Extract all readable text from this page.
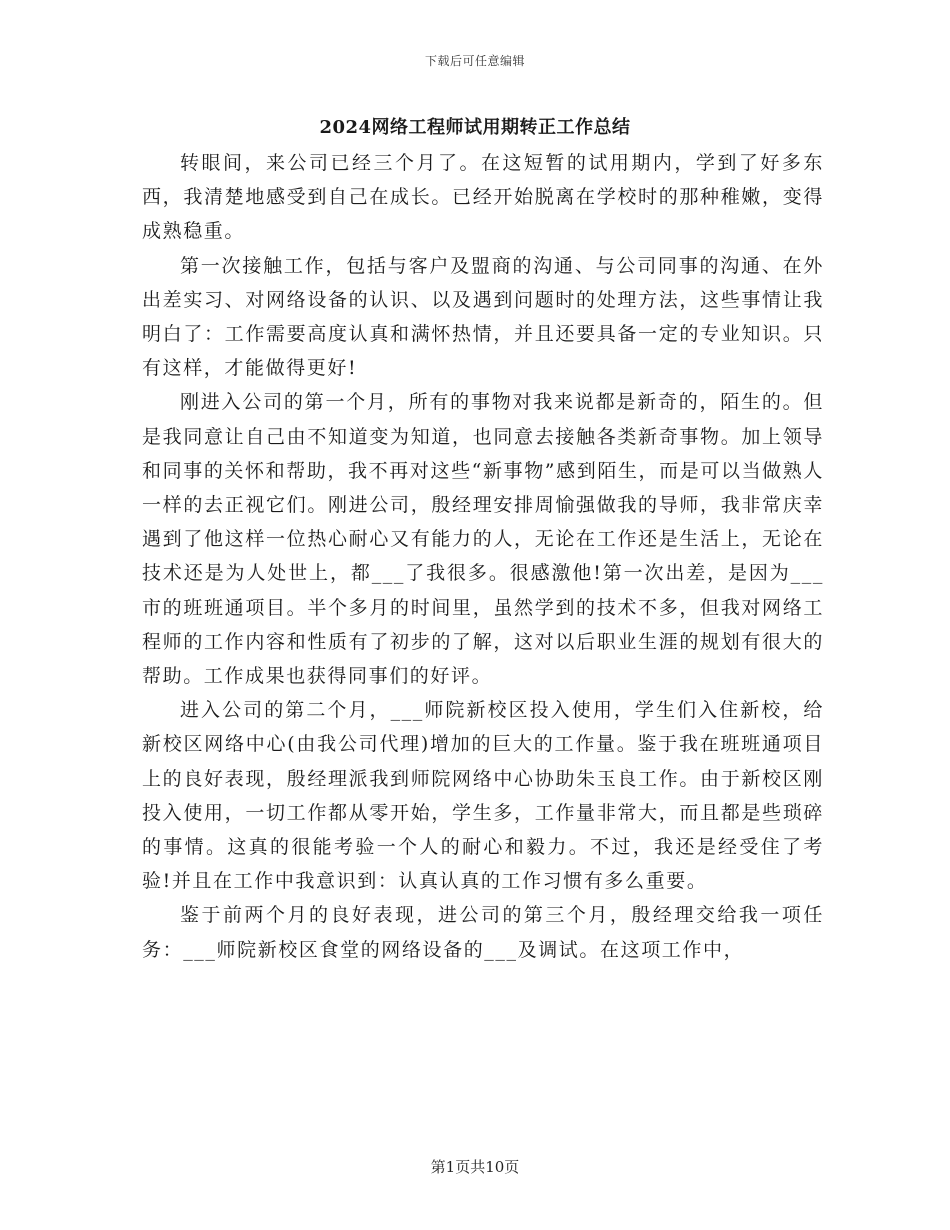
下载后可任意编辑
2024网络工程师试用期转正工作总结

转眼间，来公司已经三个月了。在这短暂的试用期内，学到了好多东西，我清楚地感受到自己在成长。已经开始脱离在学校时的那种稚嫩，变得成熟稳重。

第一次接触工作，包括与客户及盟商的沟通、与公司同事的沟通、在外出差实习、对网络设备的认识、以及遇到问题时的处理方法，这些事情让我明白了：工作需要高度认真和满怀热情，并且还要具备一定的专业知识。只有这样，才能做得更好!

刚进入公司的第一个月，所有的事物对我来说都是新奇的，陌生的。但是我同意让自己由不知道变为知道，也同意去接触各类新奇事物。加上领导和同事的关怀和帮助，我不再对这些“新事物”感到陌生，而是可以当做熟人一样的去正视它们。刚进公司，殷经理安排周愉强做我的导师，我非常庆幸遇到了他这样一位热心耐心又有能力的人，无论在工作还是生活上，无论在技术还是为人处世上，都___了我很多。很感激他!第一次出差，是因为___市的班班通项目。半个多月的时间里，虽然学到的技术不多，但我对网络工程师的工作内容和性质有了初步的了解，这对以后职业生涯的规划有很大的帮助。工作成果也获得同事们的好评。

进入公司的第二个月，___师院新校区投入使用，学生们入住新校，给新校区网络中心(由我公司代理)增加的巨大的工作量。鉴于我在班班通项目上的良好表现，殷经理派我到师院网络中心协助朱玉良工作。由于新校区刚投入使用，一切工作都从零开始，学生多，工作量非常大，而且都是些琐碎的事情。这真的很能考验一个人的耐心和毅力。不过，我还是经受住了考验!并且在工作中我意识到：认真认真的工作习惯有多么重要。

鉴于前两个月的良好表现，进公司的第三个月，殷经理交给我一项任务：___师院新校区食堂的网络设备的___及调试。在这项工作中，

第1页共10页
